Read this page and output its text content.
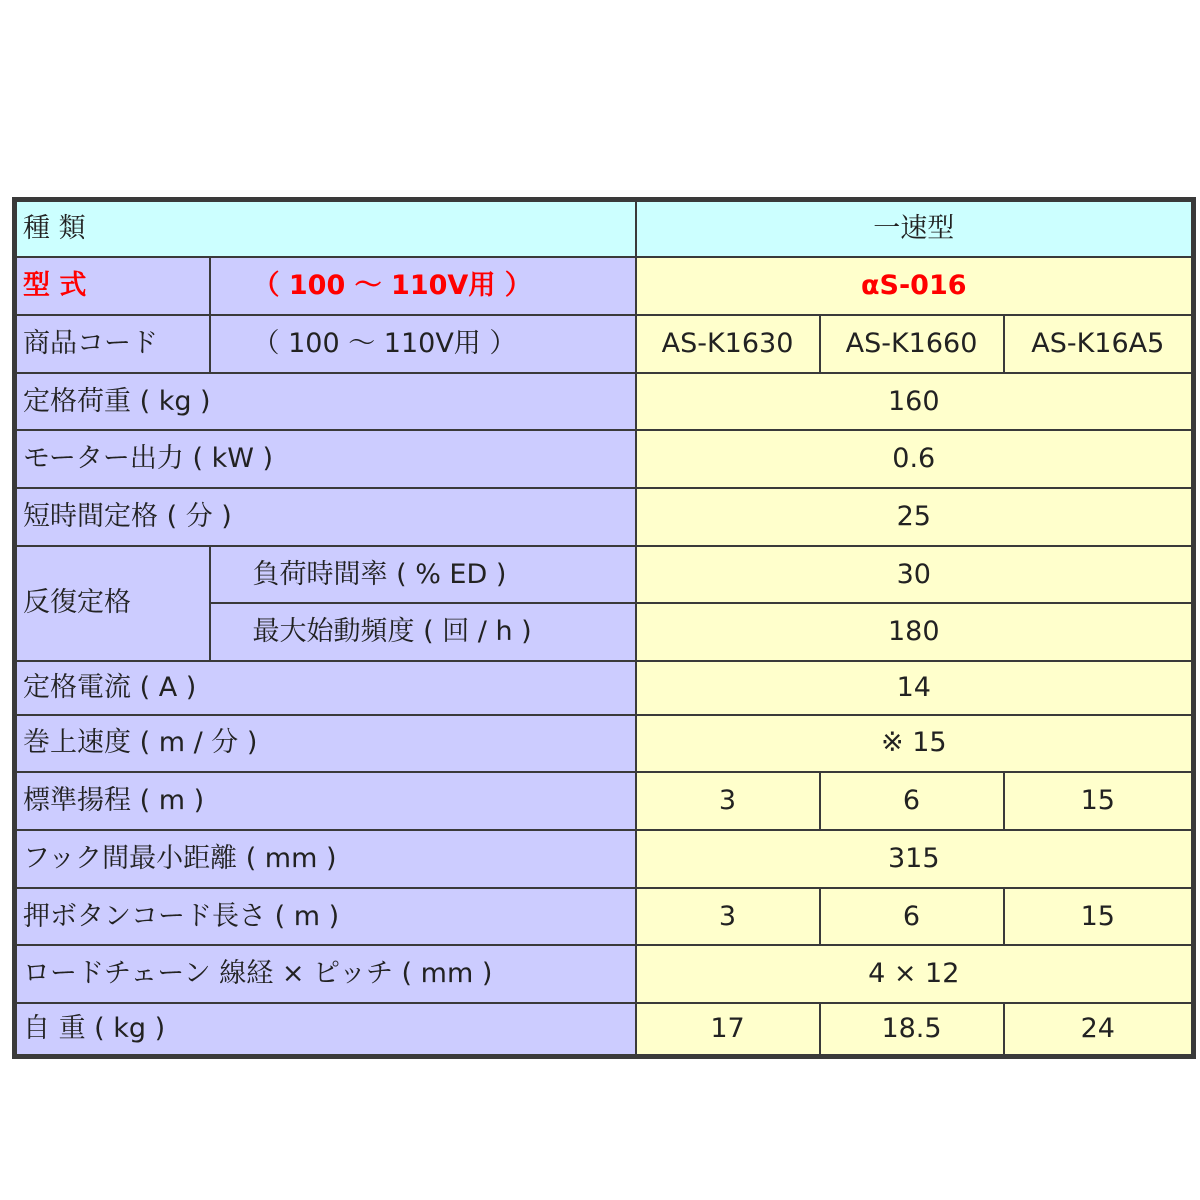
種 類		一速型		
型 式	（ 100 ～ 110V用 ）	αS-016		
商品コード	（ 100 ～ 110V用 ）	AS-K1630	AS-K1660	AS-K16A5
定格荷重 ( kg )		160		
モーター出力 ( kW )		0.6		
短時間定格 ( 分 )		25		
反復定格	負荷時間率 ( % ED )	30		
	最大始動頻度 ( 回 / h )	180		
定格電流 ( A )		14		
巻上速度 ( m / 分 )		※ 15		
標準揚程 ( m )		3	6	15
フック間最小距離 ( mm )		315		
押ボタンコード長さ ( m )		3	6	15
ロードチェーン 線経 × ピッチ ( mm )		4 × 12		
自 重 ( kg )		17	18.5	24
